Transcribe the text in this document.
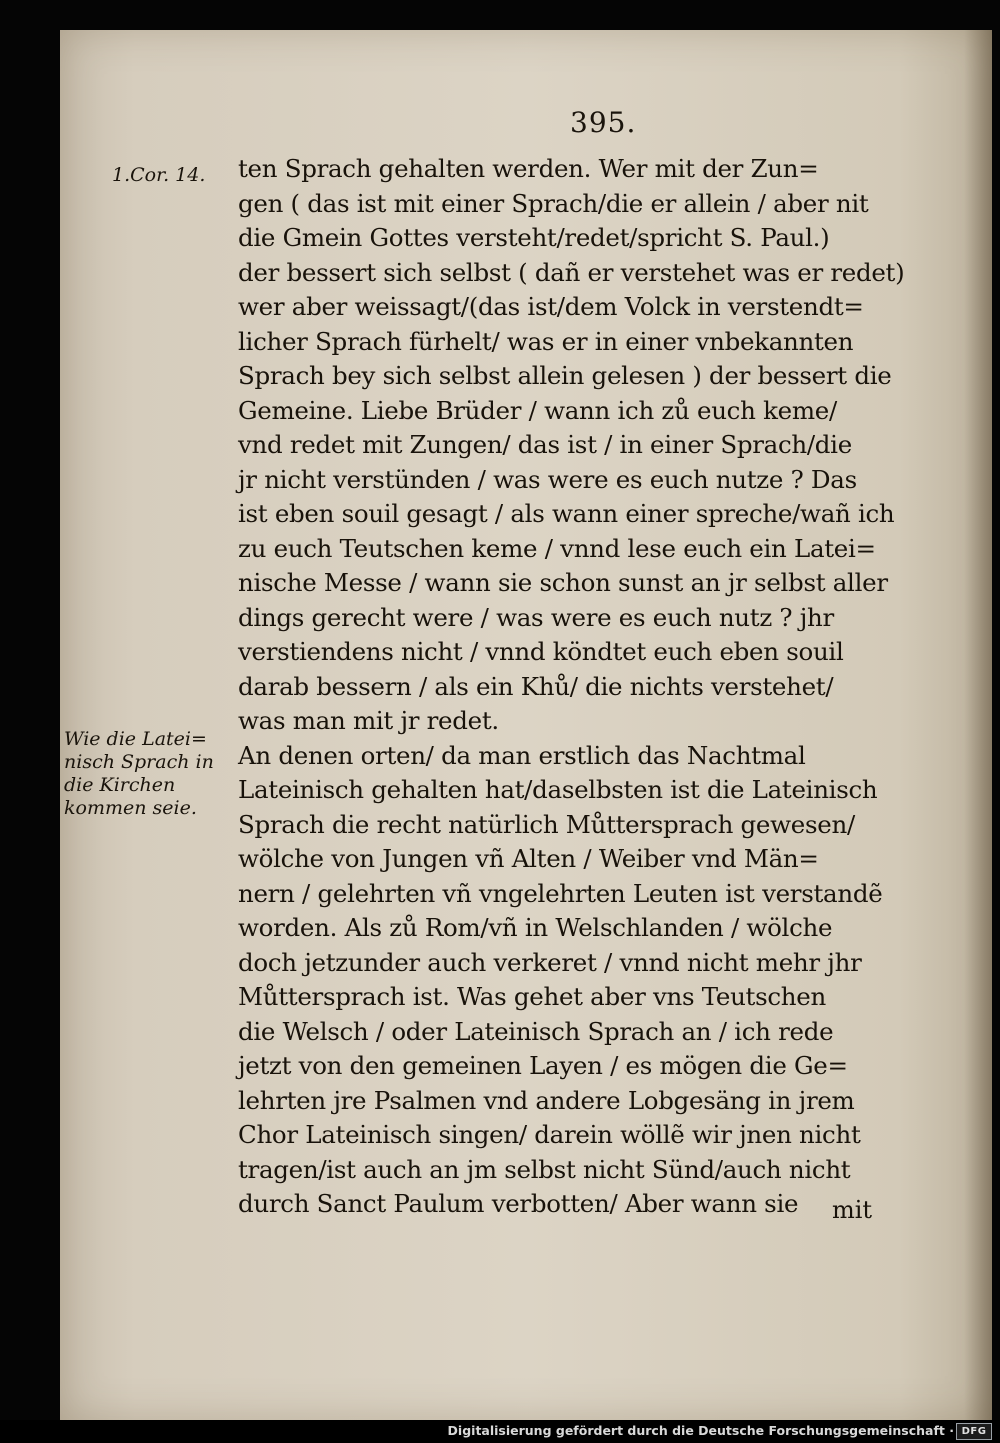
395.
1.Cor. 14.
Wie die Latei=
nisch Sprach in
die Kirchen
kommen seie.
ten Sprach gehalten werden. Wer mit der Zun=
gen ( das ist mit einer Sprach/die er allein / aber nit
die Gmein Gottes versteht/redet/spricht S. Paul.)
der bessert sich selbst ( dañ er verstehet was er redet)
wer aber weissagt/(das ist/dem Volck in verstendt=
licher Sprach fürhelt/ was er in einer vnbekannten
Sprach bey sich selbst allein gelesen ) der bessert die
Gemeine. Liebe Brüder / wann ich zů euch keme/
vnd redet mit Zungen/ das ist / in einer Sprach/die
jr nicht verstünden / was were es euch nutze ? Das
ist eben souil gesagt / als wann einer spreche/wañ ich
zu euch Teutschen keme / vnnd lese euch ein Latei=
nische Messe / wann sie schon sunst an jr selbst aller
dings gerecht were / was were es euch nutz ? jhr
verstiendens nicht / vnnd köndtet euch eben souil
darab bessern / als ein Khů/ die nichts verstehet/
was man mit jr redet.
An denen orten/ da man erstlich das Nachtmal
Lateinisch gehalten hat/daselbsten ist die Lateinisch
Sprach die recht natürlich Můttersprach gewesen/
wölche von Jungen vñ Alten / Weiber vnd Män=
nern / gelehrten vñ vngelehrten Leuten ist verstandẽ
worden. Als zů Rom/vñ in Welschlanden / wölche
doch jetzunder auch verkeret / vnnd nicht mehr jhr
Můttersprach ist. Was gehet aber vns Teutschen
die Welsch / oder Lateinisch Sprach an / ich rede
jetzt von den gemeinen Layen / es mögen die Ge=
lehrten jre Psalmen vnd andere Lobgesäng in jrem
Chor Lateinisch singen/ darein wöllẽ wir jnen nicht
tragen/ist auch an jm selbst nicht Sünd/auch nicht
durch Sanct Paulum verbotten/ Aber wann sie	mit
Digitalisierung gefördert durch die Deutsche Forschungsgemeinschaft · DFG
